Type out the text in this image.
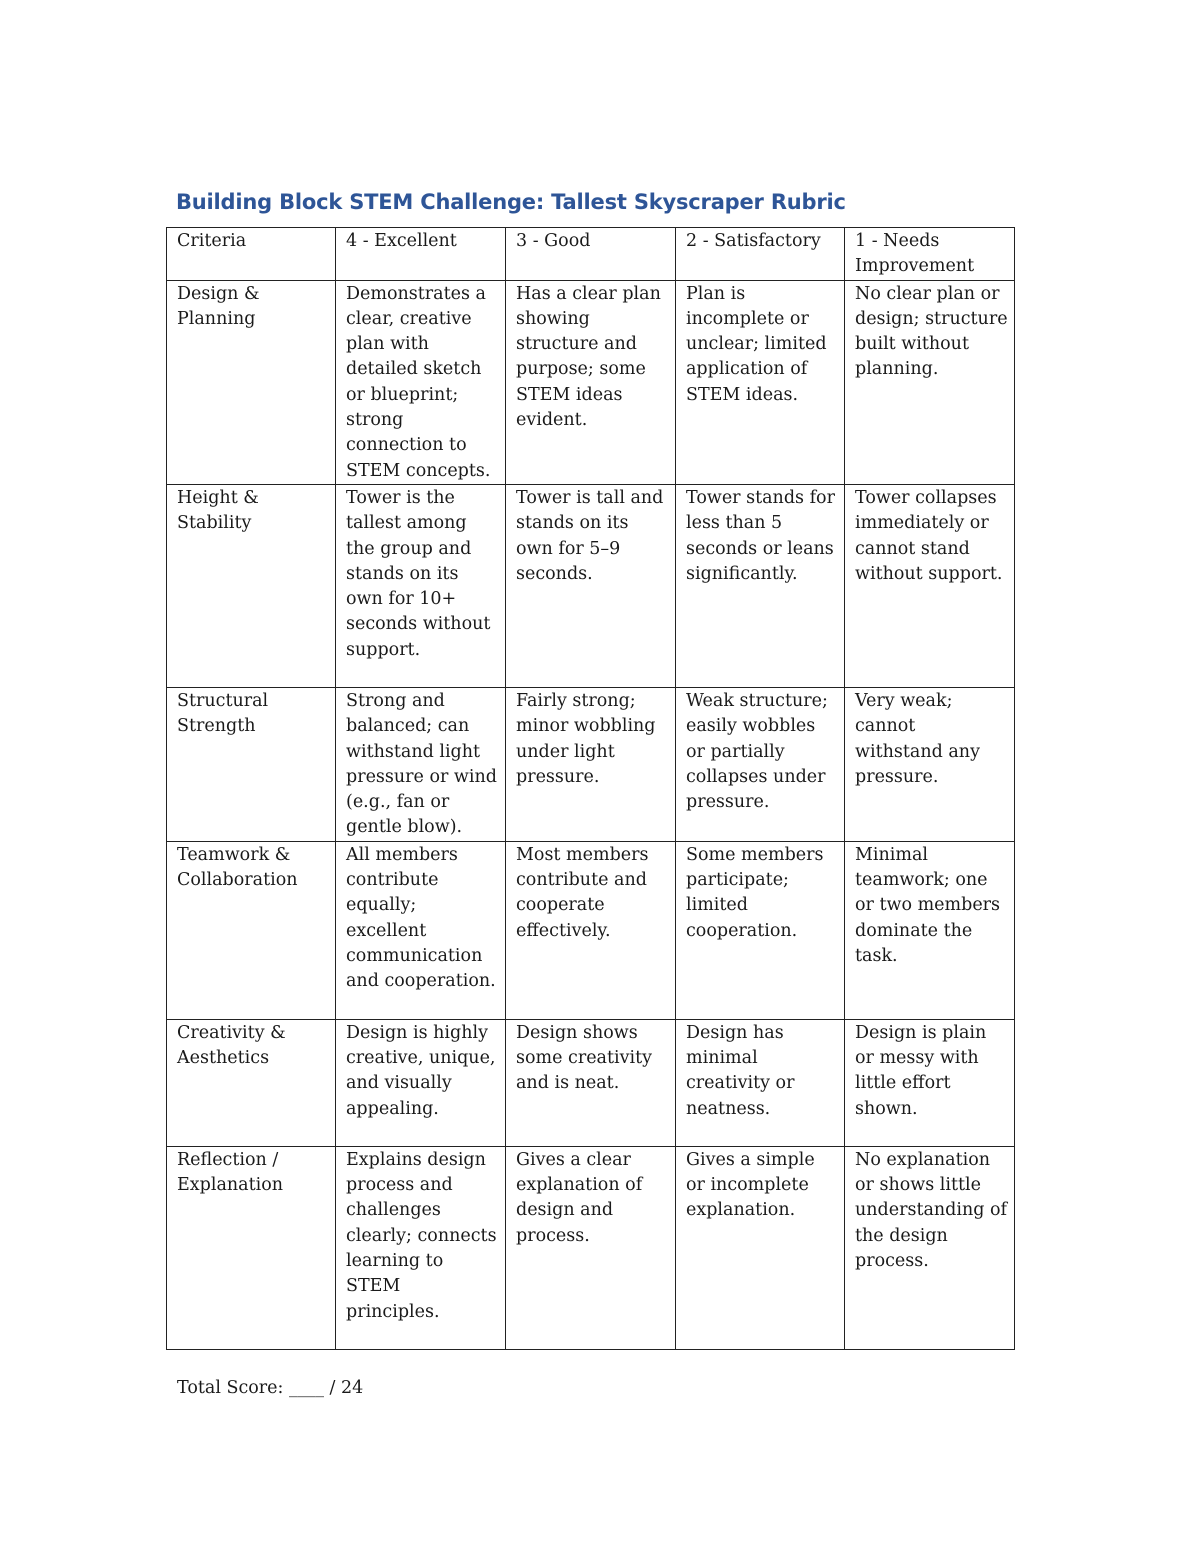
Building Block STEM Challenge: Tallest Skyscraper Rubric
Criteria	4 - Excellent	3 - Good	2 - Satisfactory	1 - Needs Improvement
Design & Planning	Demonstrates a clear, creative plan with detailed sketch or blueprint; strong connection to STEM concepts.	Has a clear plan showing structure and purpose; some STEM ideas evident.	Plan is incomplete or unclear; limited application of STEM ideas.	No clear plan or design; structure built without planning.
Height & Stability	Tower is the tallest among the group and stands on its own for 10+ seconds without support.	Tower is tall and stands on its own for 5–9 seconds.	Tower stands for less than 5 seconds or leans significantly.	Tower collapses immediately or cannot stand without support.
Structural Strength	Strong and balanced; can withstand light pressure or wind (e.g., fan or gentle blow).	Fairly strong; minor wobbling under light pressure.	Weak structure; easily wobbles or partially collapses under pressure.	Very weak; cannot withstand any pressure.
Teamwork & Collaboration	All members contribute equally; excellent communication and cooperation.	Most members contribute and cooperate effectively.	Some members participate; limited cooperation.	Minimal teamwork; one or two members dominate the task.
Creativity & Aesthetics	Design is highly creative, unique, and visually appealing.	Design shows some creativity and is neat.	Design has minimal creativity or neatness.	Design is plain or messy with little effort shown.
Reflection / Explanation	Explains design process and challenges clearly; connects learning to STEM principles.	Gives a clear explanation of design and process.	Gives a simple or incomplete explanation.	No explanation or shows little understanding of the design process.
Total Score: ____ / 24
